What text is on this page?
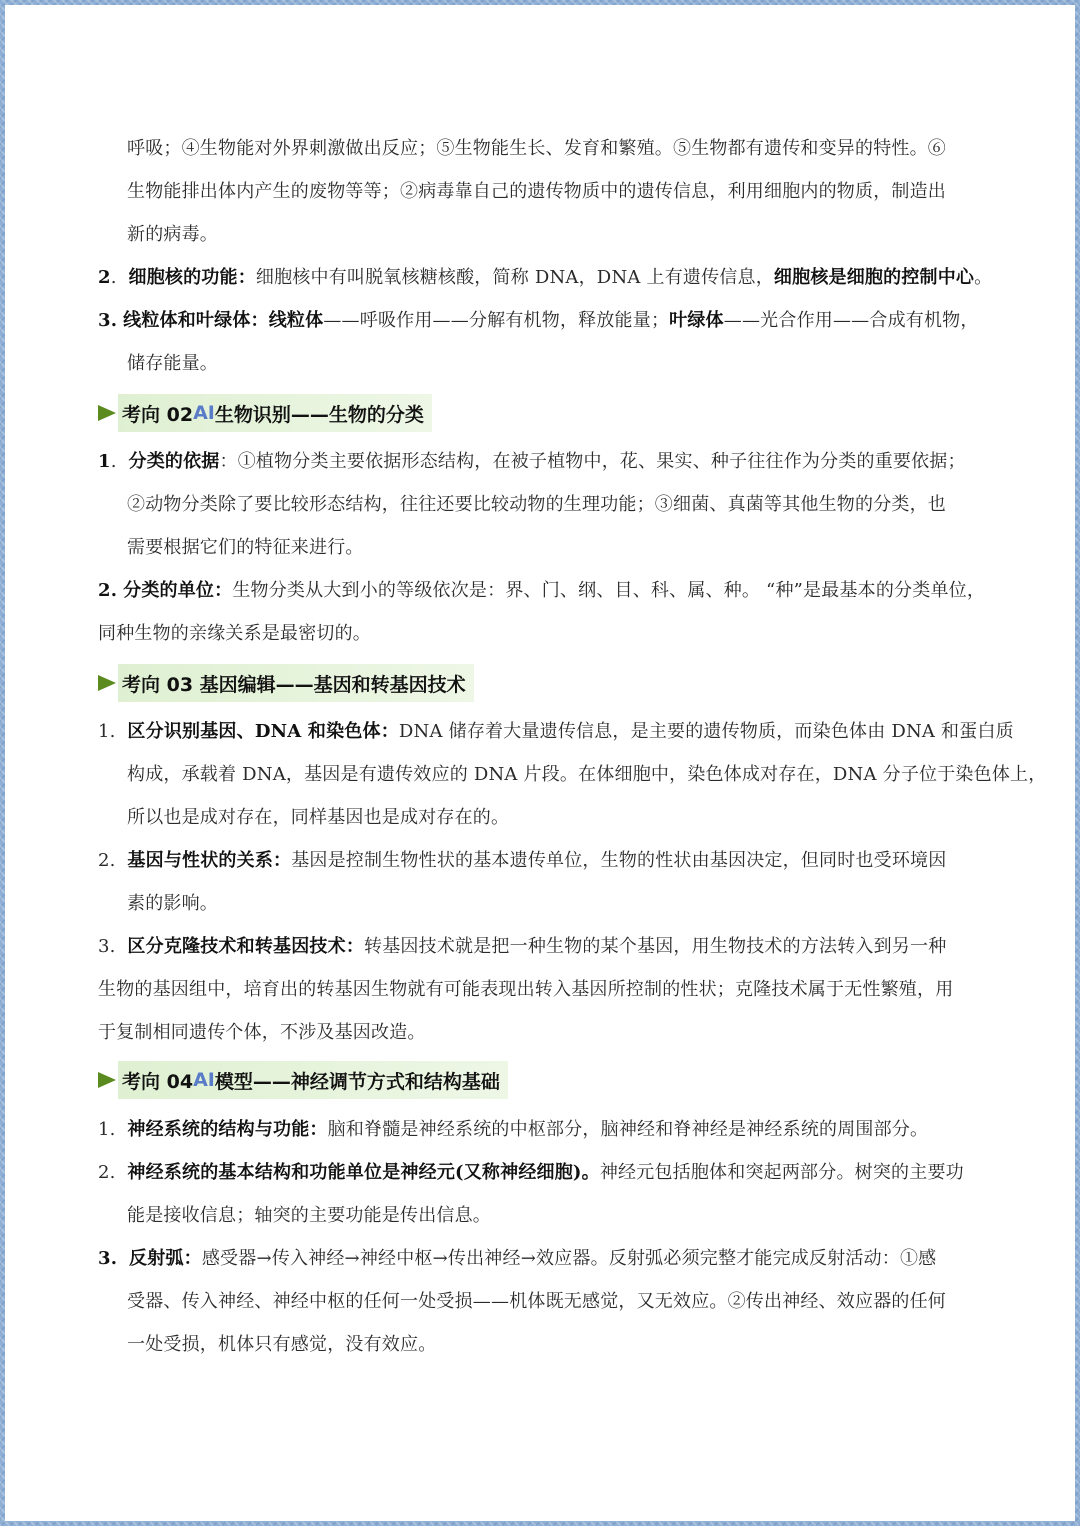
呼吸；④生物能对外界刺激做出反应；⑤生物能生长、发育和繁殖。⑤生物都有遗传和变异的特性。⑥
生物能排出体内产生的废物等等；②病毒靠自己的遗传物质中的遗传信息，利用细胞内的物质，制造出
新的病毒。
2.  细胞核的功能：细胞核中有叫脱氧核糖核酸，简称 DNA，DNA 上有遗传信息，细胞核是细胞的控制中心。
3. 线粒体和叶绿体：线粒体——呼吸作用——分解有机物，释放能量；叶绿体——光合作用——合成有机物，
储存能量。
考向 02 AI 生物识别——生物的分类
1.  分类的依据：①植物分类主要依据形态结构，在被子植物中，花、果实、种子往往作为分类的重要依据；
②动物分类除了要比较形态结构，往往还要比较动物的生理功能；③细菌、真菌等其他生物的分类，也
需要根据它们的特征来进行。
2. 分类的单位：生物分类从大到小的等级依次是：界、门、纲、目、科、属、种。 “种”是最基本的分类单位，
同种生物的亲缘关系是最密切的。
考向 03 基因编辑——基因和转基因技术
1. 区分识别基因、DNA 和染色体：DNA 储存着大量遗传信息，是主要的遗传物质，而染色体由 DNA 和蛋白质
构成，承载着 DNA，基因是有遗传效应的 DNA 片段。在体细胞中，染色体成对存在，DNA 分子位于染色体上，
所以也是成对存在，同样基因也是成对存在的。
2. 基因与性状的关系：基因是控制生物性状的基本遗传单位，生物的性状由基因决定，但同时也受环境因
素的影响。
3. 区分克隆技术和转基因技术：转基因技术就是把一种生物的某个基因，用生物技术的方法转入到另一种
生物的基因组中，培育出的转基因生物就有可能表现出转入基因所控制的性状；克隆技术属于无性繁殖，用
于复制相同遗传个体，不涉及基因改造。
考向 04 AI 模型——神经调节方式和结构基础
1. 神经系统的结构与功能：脑和脊髓是神经系统的中枢部分，脑神经和脊神经是神经系统的周围部分。
2. 神经系统的基本结构和功能单位是神经元(又称神经细胞)。神经元包括胞体和突起两部分。树突的主要功
能是接收信息；轴突的主要功能是传出信息。
3. 反射弧：感受器→传入神经→神经中枢→传出神经→效应器。反射弧必须完整才能完成反射活动：①感
受器、传入神经、神经中枢的任何一处受损——机体既无感觉，又无效应。②传出神经、效应器的任何
一处受损，机体只有感觉，没有效应。
